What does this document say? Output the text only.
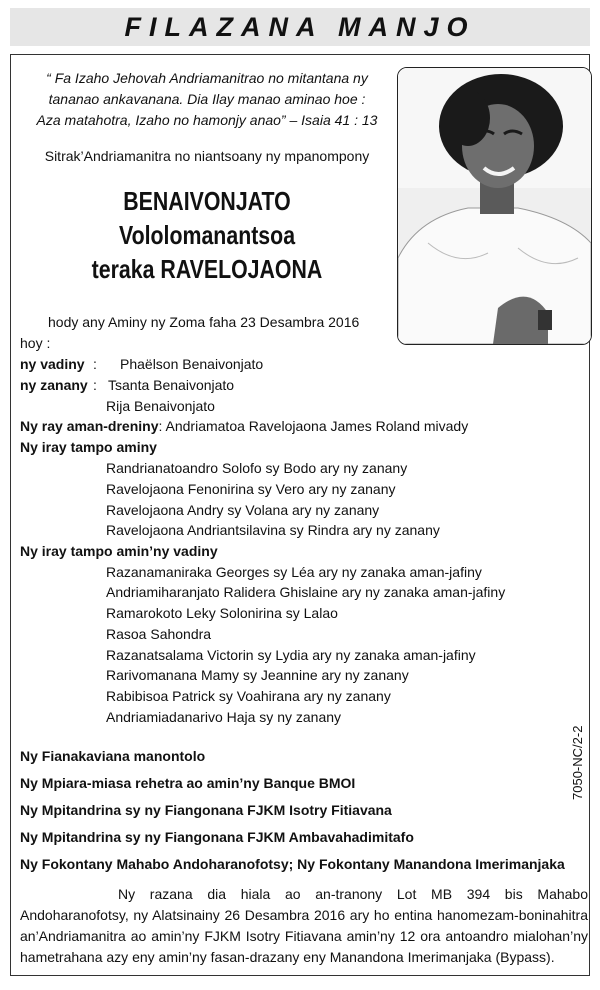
FILAZANA MANJO
“ Fa Izaho Jehovah Andriamanitrao no mitantana ny
tananao ankavanana. Dia Ilay manao aminao hoe :
Aza matahotra, Izaho no hamonjy anao” – Isaia 41 : 13
Sitrak’Andriamanitra no niantsoany ny mpanompony
BENAIVONJATO
Vololomanantsoa
teraka RAVELOJAONA
hody any Aminy ny Zoma faha 23 Desambra 2016
hoy :
ny vadiny : Phaëlson Benaivonjato
ny zanany : Tsanta Benaivonjato
Rija Benaivonjato
Ny ray aman-dreniny: Andriamatoa Ravelojaona James Roland mivady
Ny iray tampo aminy
Randrianatoandro Solofo sy Bodo ary ny zanany
Ravelojaona Fenonirina sy Vero ary ny zanany
Ravelojaona Andry sy Volana ary ny zanany
Ravelojaona Andriantsilavina sy Rindra ary ny zanany
Ny iray tampo amin’ny vadiny
Razanamaniraka Georges sy Léa ary ny zanaka aman-jafiny
Andriamiharanjato Ralidera Ghislaine ary ny zanaka aman-jafiny
Ramarokoto Leky Solonirina sy Lalao
Rasoa Sahondra
Razanatsalama Victorin sy Lydia ary ny zanaka aman-jafiny
Rarivomanana Mamy sy Jeannine ary ny zanany
Rabibisoa Patrick sy Voahirana ary ny zanany
Andriamiadanarivo Haja sy ny zanany
Ny Fianakaviana manontolo
Ny Mpiara-miasa rehetra ao amin’ny Banque BMOI
Ny Mpitandrina sy ny Fiangonana FJKM Isotry Fitiavana
Ny Mpitandrina sy ny Fiangonana FJKM Ambavahadimitafo
Ny Fokontany Mahabo Andoharanofotsy; Ny Fokontany Manandona Imerimanjaka
7050-NC/2-2
Ny razana dia hiala ao an-tranony Lot MB 394 bis Mahabo Andoharanofotsy, ny Alatsinainy 26 Desambra 2016 ary ho entina hanomezam-boninahitra an’Andriamanitra ao amin’ny FJKM Isotry Fitiavana amin’ny 12 ora antoandro mialohan’ny hametrahana azy eny amin’ny fasan-drazany eny Manandona Imerimanjaka (Bypass).
